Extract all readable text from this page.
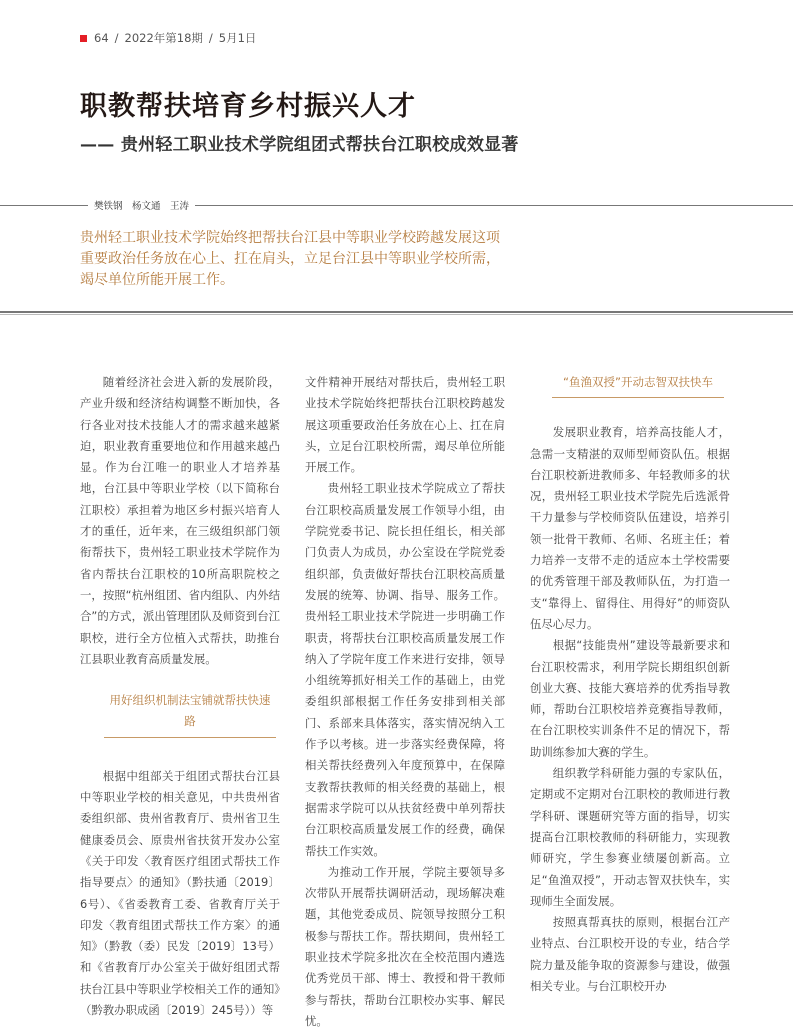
64 / 2022年第18期 / 5月1日
职教帮扶培育乡村振兴人才
—— 贵州轻工职业技术学院组团式帮扶台江职校成效显著
樊铁钢　杨文通　王涛

贵州轻工职业技术学院始终把帮扶台江县中等职业学校跨越发展这项重要政治任务放在心上、扛在肩头，立足台江县中等职业学校所需，竭尽单位所能开展工作。

随着经济社会进入新的发展阶段，产业升级和经济结构调整不断加快，各行各业对技术技能人才的需求越来越紧迫，职业教育重要地位和作用越来越凸显。作为台江唯一的职业人才培养基地，台江县中等职业学校（以下简称台江职校）承担着为地区乡村振兴培育人才的重任，近年来，在三级组织部门领衔帮扶下，贵州轻工职业技术学院作为省内帮扶台江职校的10所高职院校之一，按照“杭州组团、省内组队、内外结合”的方式，派出管理团队及师资到台江职校，进行全方位植入式帮扶，助推台江县职业教育高质量发展。

用好组织机制法宝铺就帮扶快速路

根据中组部关于组团式帮扶台江县中等职业学校的相关意见，中共贵州省委组织部、贵州省教育厅、贵州省卫生健康委员会、原贵州省扶贫开发办公室《关于印发〈教育医疗组团式帮扶工作指导要点〉的通知》（黔扶通〔2019〕6号）、《省委教育工委、省教育厅关于印发〈教育组团式帮扶工作方案〉的通知》（黔教（委）民发〔2019〕13号）和《省教育厅办公室关于做好组团式帮扶台江县中等职业学校相关工作的通知》（黔教办职成函〔2019〕245号））等

文件精神开展结对帮扶后，贵州轻工职业技术学院始终把帮扶台江职校跨越发展这项重要政治任务放在心上、扛在肩头，立足台江职校所需，竭尽单位所能开展工作。

贵州轻工职业技术学院成立了帮扶台江职校高质量发展工作领导小组，由学院党委书记、院长担任组长，相关部门负责人为成员，办公室设在学院党委组织部，负责做好帮扶台江职校高质量发展的统筹、协调、指导、服务工作。贵州轻工职业技术学院进一步明确工作职责，将帮扶台江职校高质量发展工作纳入了学院年度工作来进行安排，领导小组统筹抓好相关工作的基础上，由党委组织部根据工作任务安排到相关部门、系部来具体落实，落实情况纳入工作予以考核。进一步落实经费保障，将相关帮扶经费列入年度预算中，在保障支教帮扶教师的相关经费的基础上，根据需求学院可以从扶贫经费中单列帮扶台江职校高质量发展工作的经费，确保帮扶工作实效。

为推动工作开展，学院主要领导多次带队开展帮扶调研活动，现场解决难题，其他党委成员、院领导按照分工积极参与帮扶工作。帮扶期间，贵州轻工职业技术学院多批次在全校范围内遴选优秀党员干部、博士、教授和骨干教师参与帮扶，帮助台江职校办实事、解民忧。

“鱼渔双授”开动志智双扶快车

发展职业教育，培养高技能人才，急需一支精湛的双师型师资队伍。根据台江职校新进教师多、年轻教师多的状况，贵州轻工职业技术学院先后选派骨干力量参与学校师资队伍建设，培养引领一批骨干教师、名师、名班主任；着力培养一支带不走的适应本土学校需要的优秀管理干部及教师队伍，为打造一支“靠得上、留得住、用得好”的师资队伍尽心尽力。

根据“技能贵州”建设等最新要求和台江职校需求，利用学院长期组织创新创业大赛、技能大赛培养的优秀指导教师，帮助台江职校培养竞赛指导教师，在台江职校实训条件不足的情况下，帮助训练参加大赛的学生。

组织教学科研能力强的专家队伍，定期或不定期对台江职校的教师进行教学科研、课题研究等方面的指导，切实提高台江职校教师的科研能力，实现教师研究，学生参赛业绩屡创新高。立足“鱼渔双授”，开动志智双扶快车，实现师生全面发展。

按照真帮真扶的原则，根据台江产业特点、台江职校开设的专业，结合学院力量及能争取的资源参与建设，做强相关专业。与台江职校开办
